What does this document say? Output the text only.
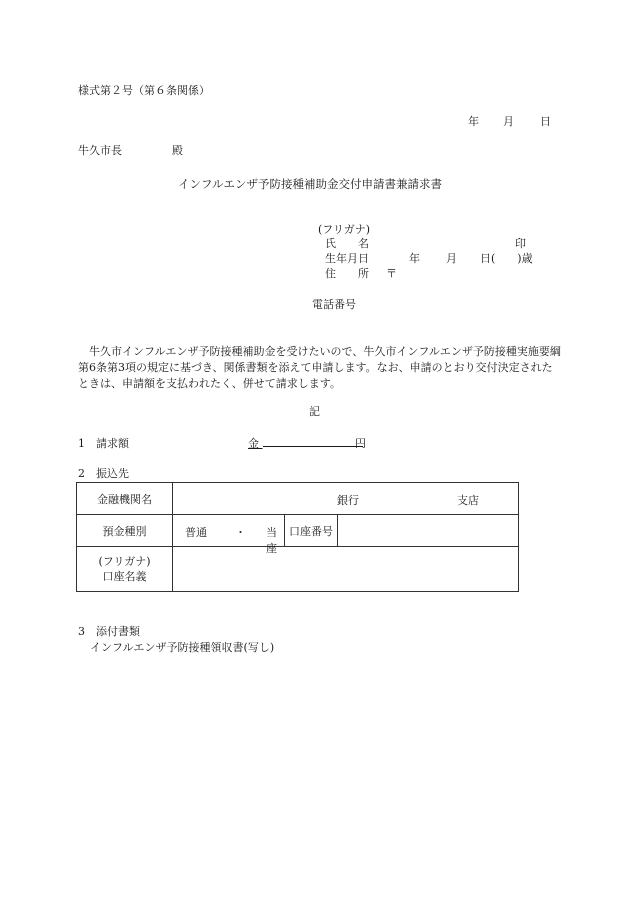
様式第２号（第６条関係）
年 月 日
牛久市長	殿
インフルエンザ予防接種補助金交付申請書兼請求書
(フリガナ)
氏　　名	印
生年月日	年 月 日(　　)歳
住　　所 〒
電話番号
　牛久市インフルエンザ予防接種補助金を受けたいので、牛久市インフルエンザ予防接種実施要綱第6条第3項の規定に基づき、関係書類を添えて申請します。なお、申請のとおり交付決定されたときは、申請額を支払われたく、併せて請求します。
記
1　請求額	金	円
2　振込先
金融機関名	銀行 支店		

預金種別	普通 ・ 当座	口座番号	

(フリガナ)
口座名義			

3　添付書類
インフルエンザ予防接種領収書(写し)
